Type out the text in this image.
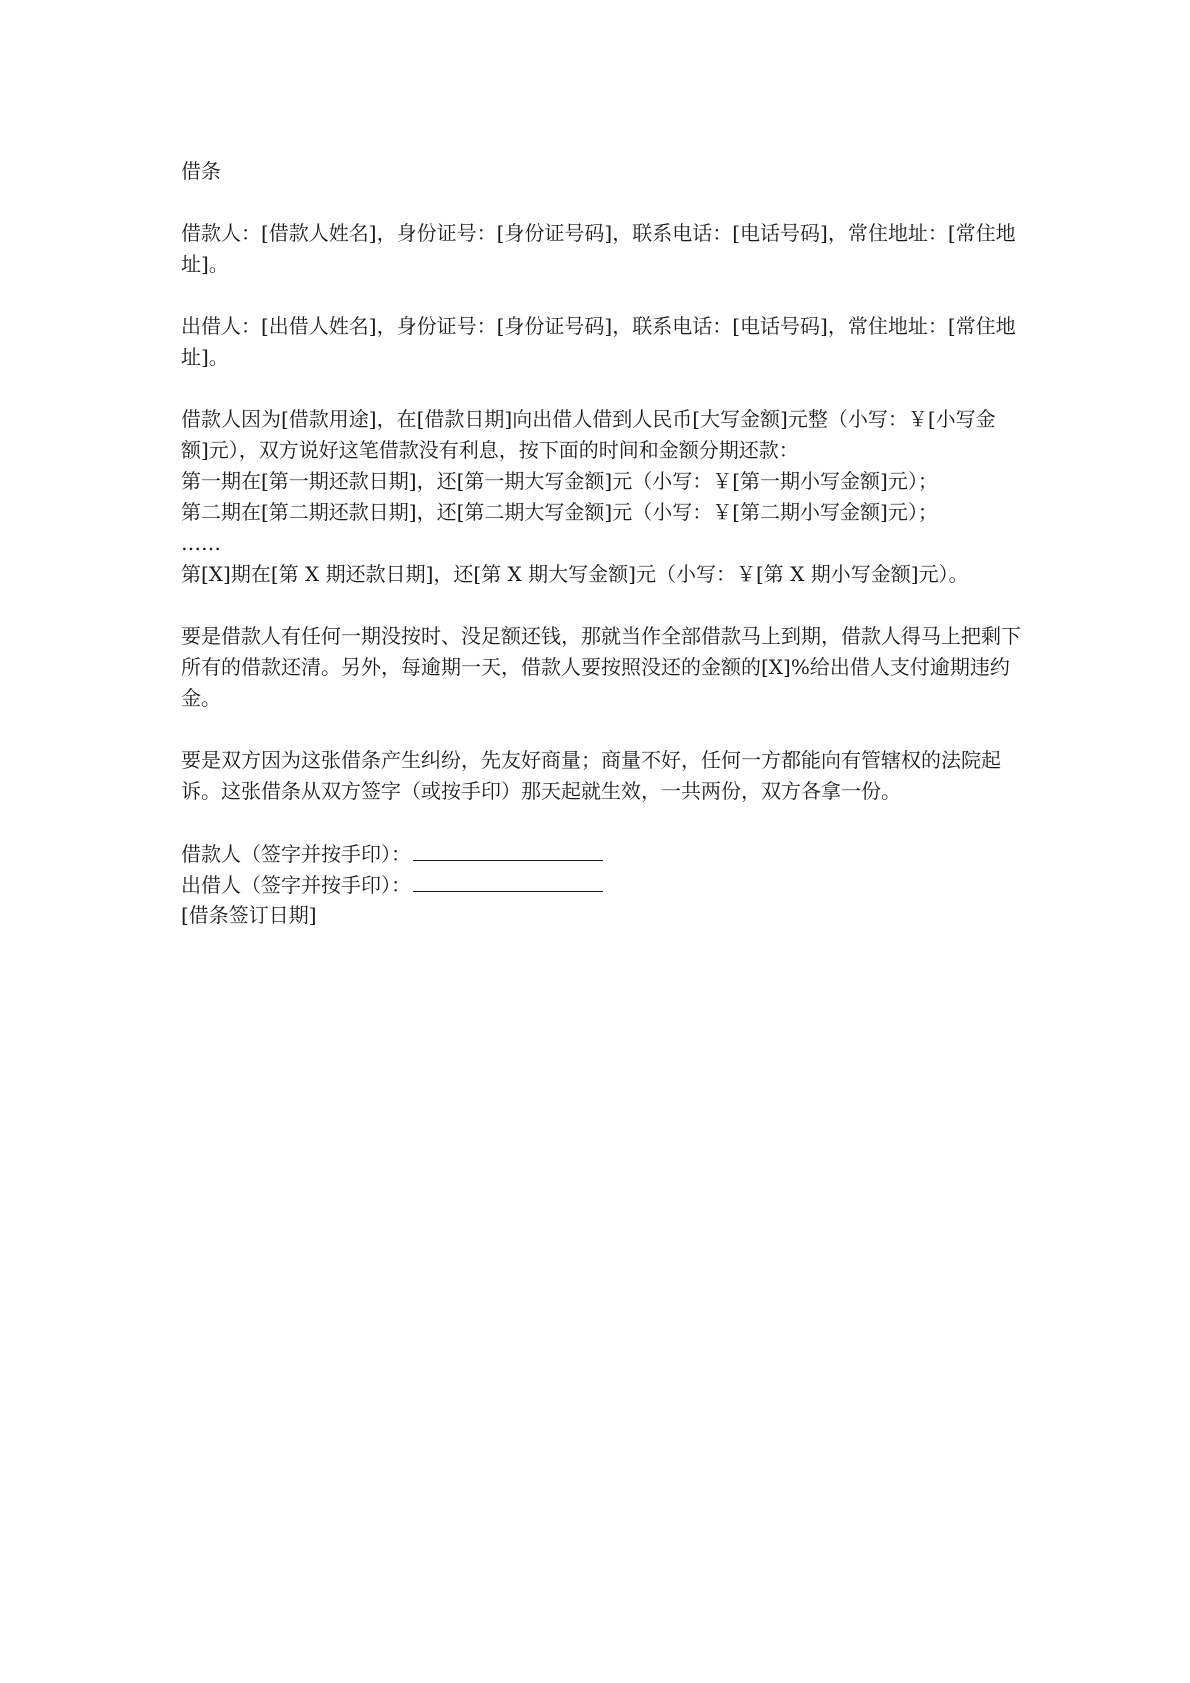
借条
借款人：[借款人姓名]，身份证号：[身份证号码]，联系电话：[电话号码]，常住地址：[常住地址]。
出借人：[出借人姓名]，身份证号：[身份证号码]，联系电话：[电话号码]，常住地址：[常住地址]。
借款人因为[借款用途]，在[借款日期]向出借人借到人民币[大写金额]元整（小写：￥[小写金额]元），双方说好这笔借款没有利息，按下面的时间和金额分期还款：
第一期在[第一期还款日期]，还[第一期大写金额]元（小写：￥[第一期小写金额]元）；
第二期在[第二期还款日期]，还[第二期大写金额]元（小写：￥[第二期小写金额]元）；
……
第[X]期在[第 X 期还款日期]，还[第 X 期大写金额]元（小写：￥[第 X 期小写金额]元）。
要是借款人有任何一期没按时、没足额还钱，那就当作全部借款马上到期，借款人得马上把剩下所有的借款还清。另外，每逾期一天，借款人要按照没还的金额的[X]%给出借人支付逾期违约金。
要是双方因为这张借条产生纠纷，先友好商量；商量不好，任何一方都能向有管辖权的法院起诉。这张借条从双方签字（或按手印）那天起就生效，一共两份，双方各拿一份。
借款人（签字并按手印）：
出借人（签字并按手印）：
[借条签订日期]
